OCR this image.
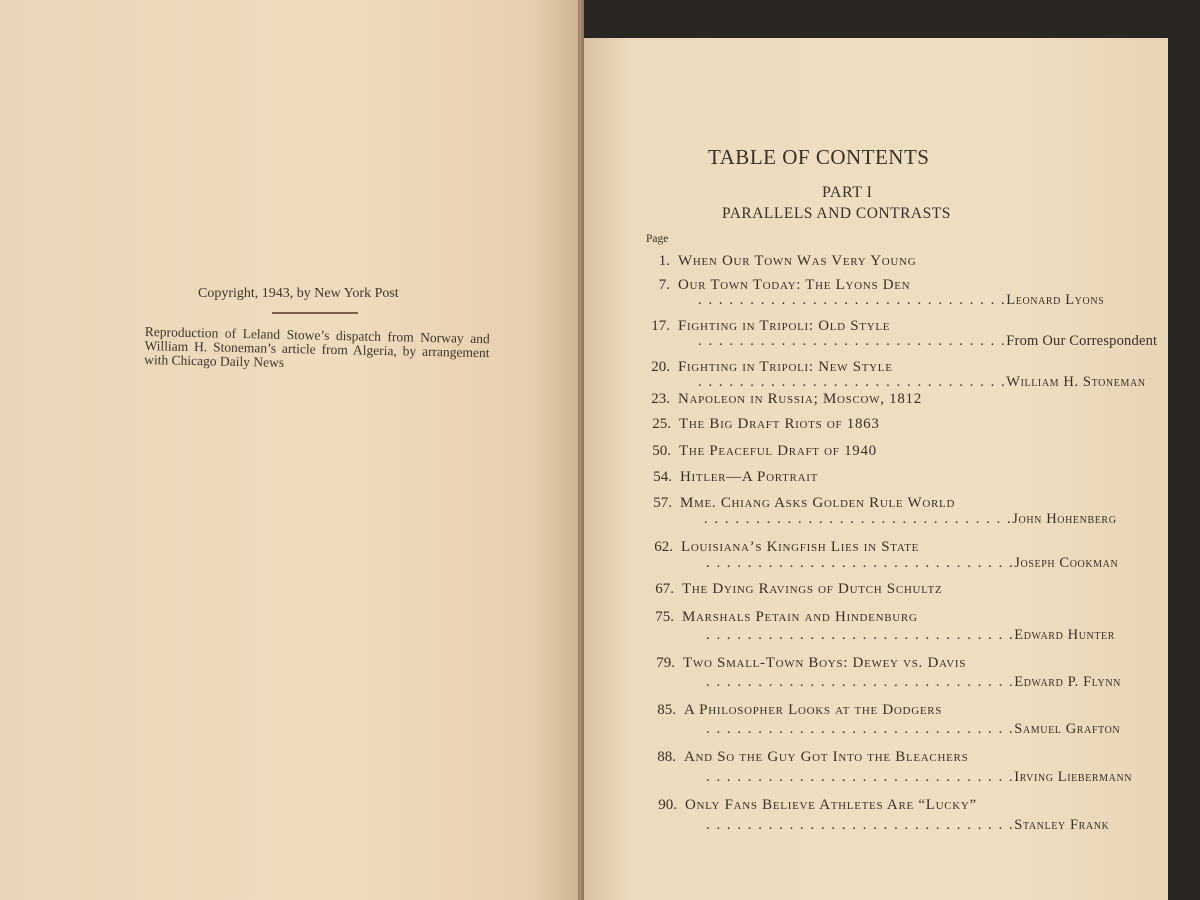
Copyright, 1943, by New York Post
Reproduction of Leland Stowe’s dispatch from Norway and William H. Stoneman’s article from Algeria, by arrangement with Chicago Daily News
TABLE OF CONTENTS
PART I
PARALLELS AND CONTRASTS
Page
1. When Our Town Was Very Young
7. Our Town Today: The Lyons Den
. . . . . . . . . . . . . . . . . . . . . . . . . . . . . .Leonard Lyons
17. Fighting in Tripoli: Old Style
. . . . . . . . . . . . . . . . . . . . . . . . . . . . . .From Our Correspondent
20. Fighting in Tripoli: New Style
. . . . . . . . . . . . . . . . . . . . . . . . . . . . . .William H. Stoneman
23. Napoleon in Russia; Moscow, 1812
25. The Big Draft Riots of 1863
50. The Peaceful Draft of 1940
54. Hitler—A Portrait
57. Mme. Chiang Asks Golden Rule World
. . . . . . . . . . . . . . . . . . . . . . . . . . . . . .John Hohenberg
62. Louisiana’s Kingfish Lies in State
. . . . . . . . . . . . . . . . . . . . . . . . . . . . . .Joseph Cookman
67. The Dying Ravings of Dutch Schultz
75. Marshals Petain and Hindenburg
. . . . . . . . . . . . . . . . . . . . . . . . . . . . . .Edward Hunter
79. Two Small-Town Boys: Dewey vs. Davis
. . . . . . . . . . . . . . . . . . . . . . . . . . . . . .Edward P. Flynn
85. A Philosopher Looks at the Dodgers
. . . . . . . . . . . . . . . . . . . . . . . . . . . . . .Samuel Grafton
88. And So the Guy Got Into the Bleachers
. . . . . . . . . . . . . . . . . . . . . . . . . . . . . .Irving Liebermann
90. Only Fans Believe Athletes Are “Lucky”
. . . . . . . . . . . . . . . . . . . . . . . . . . . . . .Stanley Frank
